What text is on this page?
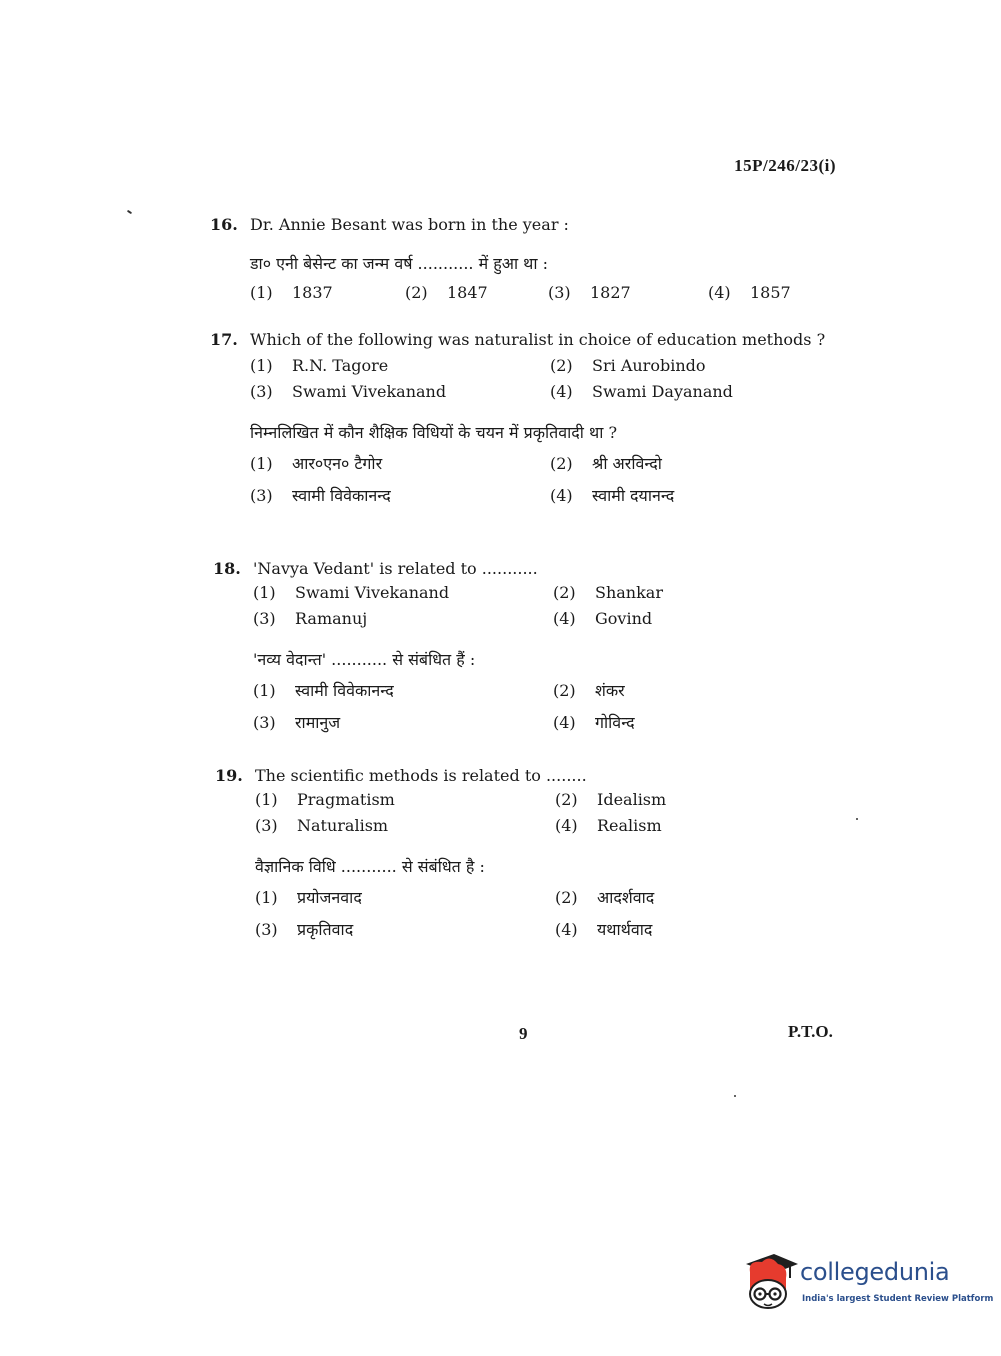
15P/246/23(i)
16. Dr. Annie Besant was born in the year :
डा० एनी बेसेन्ट का जन्म वर्ष ........... में हुआ था :
(1) 1837	(2) 1847	(3) 1827	(4) 1857
17. Which of the following was naturalist in choice of education methods ?
(1) R.N. Tagore	(2) Sri Aurobindo
(3) Swami Vivekanand	(4) Swami Dayanand
निम्नलिखित में कौन शैक्षिक विधियों के चयन में प्रकृतिवादी था ?
(1) आर०एन० टैगोर	(2) श्री अरविन्दो
(3) स्वामी विवेकानन्द	(4) स्वामी दयानन्द
18. 'Navya Vedant' is related to ...........
(1) Swami Vivekanand	(2) Shankar
(3) Ramanuj	(4) Govind
'नव्य वेदान्त' ........... से संबंधित हैं :
(1) स्वामी विवेकानन्द	(2) शंकर
(3) रामानुज	(4) गोविन्द
19. The scientific methods is related to ........
(1) Pragmatism	(2) Idealism
(3) Naturalism	(4) Realism
वैज्ञानिक विधि ........... से संबंधित है :
(1) प्रयोजनवाद	(2) आदर्शवाद
(3) प्रकृतिवाद	(4) यथार्थवाद
9	P.T.O.
collegedunia
India's largest Student Review Platform
